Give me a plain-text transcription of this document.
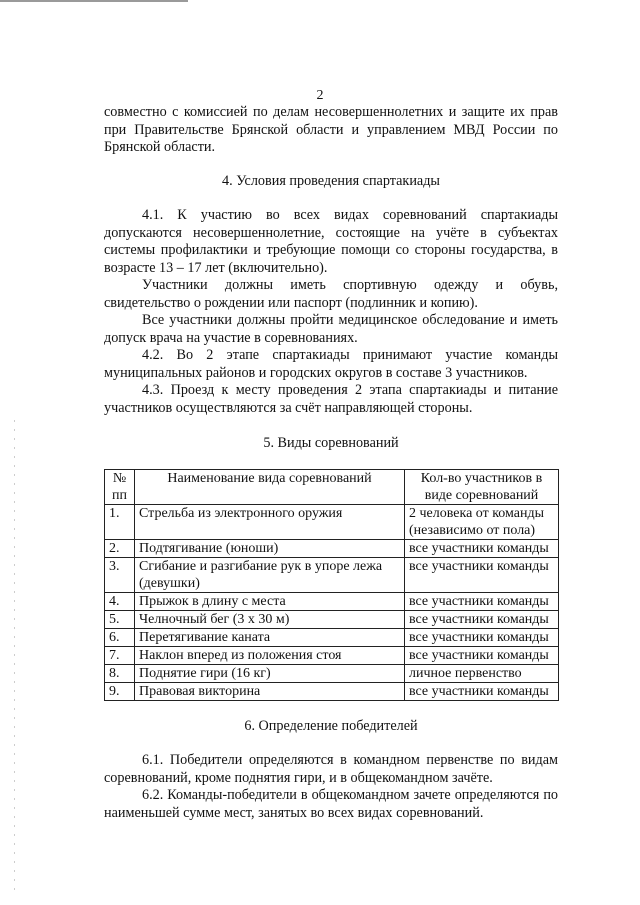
2

совместно с комиссией по делам несовершеннолетних и защите их прав при Правительстве Брянской области и управлением МВД России по Брянской области.

4. Условия проведения спартакиады

4.1. К участию во всех видах соревнований спартакиады допускаются несовершеннолетние, состоящие на учёте в субъектах системы профилактики и требующие помощи со стороны государства, в возрасте 13 – 17 лет (включительно).

Участники должны иметь спортивную одежду и обувь, свидетельство о рождении или паспорт (подлинник и копию).

Все участники должны пройти медицинское обследование и иметь допуск врача на участие в соревнованиях.

4.2. Во 2 этапе спартакиады принимают участие команды муниципальных районов и городских округов в составе 3 участников.

4.3. Проезд к месту проведения 2 этапа спартакиады и питание участников осуществляются за счёт направляющей стороны.

5. Виды соревнований

№ пп	Наименование вида соревнований	Кол-во участников в виде соревнований
1.	Стрельба из электронного оружия	2 человека от команды (независимо от пола)
2.	Подтягивание (юноши)	все участники команды
3.	Сгибание и разгибание рук в упоре лежа (девушки)	все участники команды
4.	Прыжок в длину с места	все участники команды
5.	Челночный бег (3 х 30 м)	все участники команды
6.	Перетягивание каната	все участники команды
7.	Наклон вперед из положения стоя	все участники команды
8.	Поднятие гири (16 кг)	личное первенство
9.	Правовая викторина	все участники команды

6. Определение победителей

6.1. Победители определяются в командном первенстве по видам соревнований, кроме поднятия гири, и в общекомандном зачёте.

6.2. Команды-победители в общекомандном зачете определяются по наименьшей сумме мест, занятых во всех видах соревнований.
